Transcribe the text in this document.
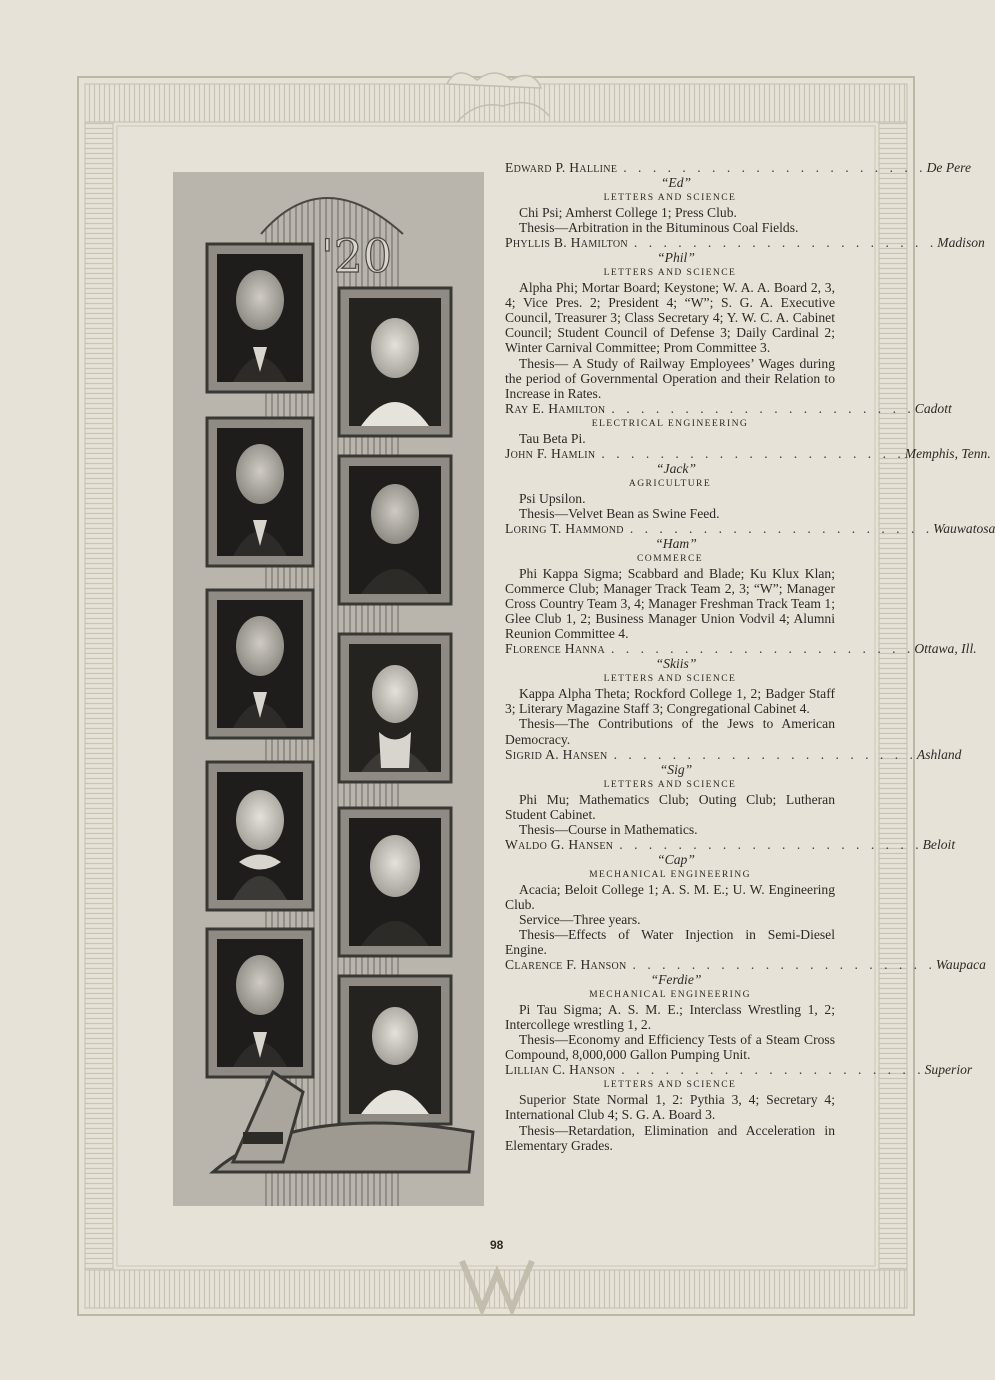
'20
Edward P. Halline . . . . . . . . . . . . . . . . . . . . . De Pere
“Ed”
LETTERS AND SCIENCE
Chi Psi; Amherst College 1; Press Club.
Thesis—Arbitration in the Bituminous Coal Fields.
Phyllis B. Hamilton . . . . . . . . . . . . . . . . . . . . . Madison
“Phil”
LETTERS AND SCIENCE
Alpha Phi; Mortar Board; Keystone; W. A. A. Board 2, 3, 4; Vice Pres. 2; President 4; “W”; S. G. A. Executive Council, Treasurer 3; Class Secretary 4; Y. W. C. A. Cabinet Council; Student Council of Defense 3; Daily Cardinal 2; Winter Carnival Committee; Prom Committee 3.
Thesis— A Study of Railway Employees’ Wages during the period of Governmental Operation and their Relation to Increase in Rates.
Ray E. Hamilton . . . . . . . . . . . . . . . . . . . . . Cadott
ELECTRICAL ENGINEERING
Tau Beta Pi.
John F. Hamlin . . . . . . . . . . . . . . . . . . . . . Memphis, Tenn.
“Jack”
AGRICULTURE
Psi Upsilon.
Thesis—Velvet Bean as Swine Feed.
Loring T. Hammond . . . . . . . . . . . . . . . . . . . . . Wauwatosa
“Ham”
COMMERCE
Phi Kappa Sigma; Scabbard and Blade; Ku Klux Klan; Commerce Club; Manager Track Team 2, 3; “W”; Manager Cross Country Team 3, 4; Manager Freshman Track Team 1; Glee Club 1, 2; Business Manager Union Vodvil 4; Alumni Reunion Committee 4.
Florence Hanna . . . . . . . . . . . . . . . . . . . . . Ottawa, Ill.
“Skiis”
LETTERS AND SCIENCE
Kappa Alpha Theta; Rockford College 1, 2; Badger Staff 3; Literary Magazine Staff 3; Congregational Cabinet 4.
Thesis—The Contributions of the Jews to American Democracy.
Sigrid A. Hansen . . . . . . . . . . . . . . . . . . . . . Ashland
“Sig”
LETTERS AND SCIENCE
Phi Mu; Mathematics Club; Outing Club; Lutheran Student Cabinet.
Thesis—Course in Mathematics.
Waldo G. Hansen . . . . . . . . . . . . . . . . . . . . . Beloit
“Cap”
MECHANICAL ENGINEERING
Acacia; Beloit College 1; A. S. M. E.; U. W. Engineering Club.
Service—Three years.
Thesis—Effects of Water Injection in Semi-Diesel Engine.
Clarence F. Hanson . . . . . . . . . . . . . . . . . . . . . Waupaca
“Ferdie”
MECHANICAL ENGINEERING
Pi Tau Sigma; A. S. M. E.; Interclass Wrestling 1, 2; Intercollege wrestling 1, 2.
Thesis—Economy and Efficiency Tests of a Steam Cross Compound, 8,000,000 Gallon Pumping Unit.
Lillian C. Hanson . . . . . . . . . . . . . . . . . . . . . Superior
LETTERS AND SCIENCE
Superior State Normal 1, 2: Pythia 3, 4; Secretary 4; International Club 4; S. G. A. Board 3.
Thesis—Retardation, Elimination and Acceleration in Elementary Grades.
98
